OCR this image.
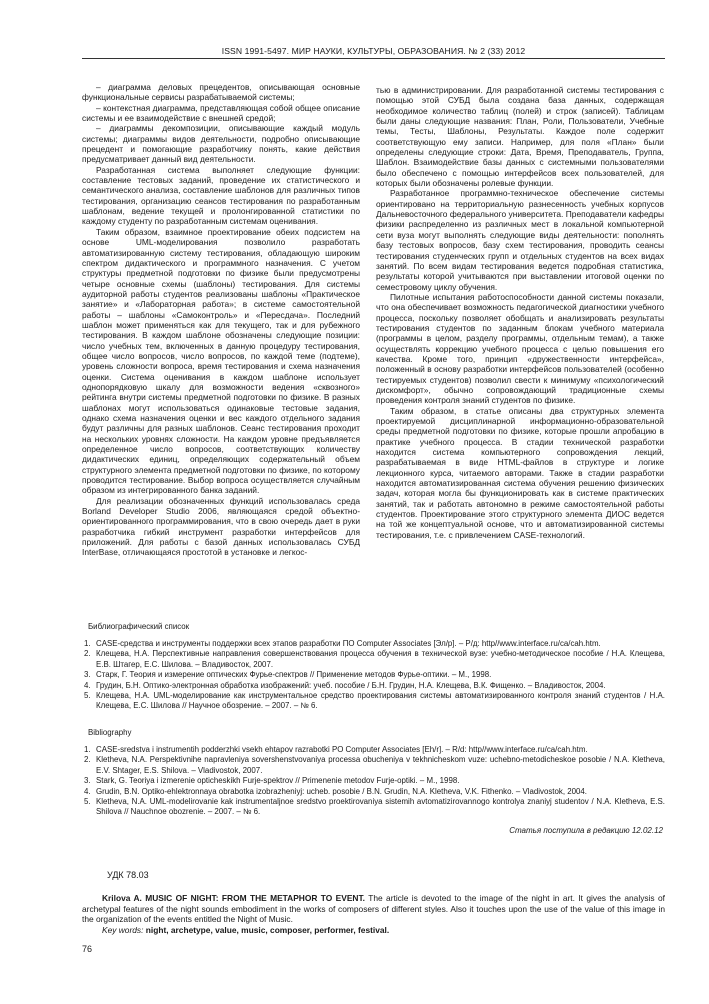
ISSN 1991-5497. МИР НАУКИ, КУЛЬТУРЫ, ОБРАЗОВАНИЯ. № 2 (33) 2012

– диаграмма деловых прецедентов, описывающая основные функциональные сервисы разрабатываемой системы;

– контекстная диаграмма, представляющая собой общее описание системы и ее взаимодействие с внешней средой;

– диаграммы декомпозиции, описывающие каждый модуль системы; диаграммы видов деятельности, подробно описывающие прецедент и помогающие разработчику понять, какие действия предусматривает данный вид деятельности.

Разработанная система выполняет следующие функции: составление тестовых заданий, проведение их статистического и семантического анализа, составление шаблонов для различных типов тестирования, организацию сеансов тестирования по разработанным шаблонам, ведение текущей и пролонгированной статистики по каждому студенту по разработанным системам оценивания.

Таким образом, взаимное проектирование обеих подсистем на основе UML-моделирования позволило разработать автоматизированную систему тестирования, обладающую широким спектром дидактического и программного назначения. С учетом структуры предметной подготовки по физике были предусмотрены четыре основные схемы (шаблоны) тестирования. Для системы аудиторной работы студентов реализованы шаблоны «Практическое занятие» и «Лабораторная работа»; в системе самостоятельной работы – шаблоны «Самоконтроль» и «Пересдача». Последний шаблон может применяться как для текущего, так и для рубежного тестирования. В каждом шаблоне обозначены следующие позиции: число учебных тем, включенных в данную процедуру тестирования, общее число вопросов, число вопросов, по каждой теме (подтеме), уровень сложности вопроса, время тестирования и схема назначения оценки. Система оценивания в каждом шаблоне использует однопорядковую шкалу для возможности ведения «сквозного» рейтинга внутри системы предметной подготовки по физике. В разных шаблонах могут использоваться одинаковые тестовые задания, однако схема назначения оценки и вес каждого отдельного задания будут различны для разных шаблонов. Сеанс тестирования проходит на нескольких уровнях сложности. На каждом уровне предъявляется определенное число вопросов, соответствующих количеству дидактических единиц, определяющих содержательный объем структурного элемента предметной подготовки по физике, по которому проводится тестирование. Выбор вопроса осуществляется случайным образом из интегрированного банка заданий.

Для реализации обозначенных функций использовалась среда Borland Developer Studio 2006, являющаяся средой объектно-ориентированного программирования, что в свою очередь дает в руки разработчика гибкий инструмент разработки интерфейсов для приложений. Для работы с базой данных использовалась СУБД InterBase, отличающаяся простотой в установке и легкос-

тью в администрировании. Для разработанной системы тестирования с помощью этой СУБД была создана база данных, содержащая необходимое количество таблиц (полей) и строк (записей). Таблицам были даны следующие названия: План, Роли, Пользователи, Учебные темы, Тесты, Шаблоны, Результаты. Каждое поле содержит соответствующую ему записи. Например, для поля «План» были определены следующие строки: Дата, Время, Преподаватель, Группа, Шаблон. Взаимодействие базы данных с системными пользователями было обеспечено с помощью интерфейсов всех пользователей, для которых были обозначены ролевые функции.

Разработанное программно-техническое обеспечение системы ориентировано на территориальную разнесенность учебных корпусов Дальневосточного федерального университета. Преподаватели кафедры физики распределенно из различных мест в локальной компьютерной сети вуза могут выполнять следующие виды деятельности: пополнять базу тестовых вопросов, базу схем тестирования, проводить сеансы тестирования студенческих групп и отдельных студентов на всех видах занятий. По всем видам тестирования ведется подробная статистика, результаты которой учитываются при выставлении итоговой оценки по семестровому циклу обучения.

Пилотные испытания работоспособности данной системы показали, что она обеспечивает возможность педагогической диагностики учебного процесса, поскольку позволяет обобщать и анализировать результаты тестирования студентов по заданным блокам учебного материала (программы в целом, разделу программы, отдельным темам), а также осуществлять коррекцию учебного процесса с целью повышения его качества. Кроме того, принцип «дружественности интерфейса», положенный в основу разработки интерфейсов пользователей (особенно тестируемых студентов) позволил свести к минимуму «психологический дискомфорт», обычно сопровождающий традиционные схемы проведения контроля знаний студентов по физике.

Таким образом, в статье описаны два структурных элемента проектируемой дисциплинарной информационно-образовательной среды предметной подготовки по физике, которые прошли апробацию в практике учебного процесса. В стадии технической разработки находится система компьютерного сопровождения лекций, разрабатываемая в виде HTML-файлов в структуре и логике лекционного курса, читаемого авторами. Также в стадии разработки находится автоматизированная система обучения решению физических задач, которая могла бы функционировать как в системе практических занятий, так и работать автономно в режиме самостоятельной работы студентов. Проектирование этого структурного элемента ДИОС ведется на той же концептуальной основе, что и автоматизированной системы тестирования, т.е. с привлечением CASE-технологий.

Библиографический список
1. CASE-средства и инструменты поддержки всех этапов разработки ПО Computer Associates [Эл/р]. – Р/д: http//www.interface.ru/ca/cah.htm.
2. Клещева, Н.А. Перспективные направления совершенствования процесса обучения в технической вузе: учебно-методическое пособие / Н.А. Клещева, Е.В. Штагер, Е.С. Шилова. – Владивосток, 2007.
3. Старк, Г. Теория и измерение оптических Фурье-спектров // Применение методов Фурье-оптики. – М., 1998.
4. Грудин, Б.Н. Оптико-электронная обработка изображений: учеб. пособие / Б.Н. Грудин, Н.А. Клещева, В.К. Фищенко. – Владивосток, 2004.
5. Клещева, Н.А. UML-моделирование как инструментальное средство проектирования системы автоматизированного контроля знаний студентов / Н.А. Клещева, Е.С. Шилова // Научное обозрение. – 2007. – № 6.
Bibliography
1. CASE-sredstva i instrumentih podderzhki vsekh ehtapov razrabotki PO Computer Associates [Eh/r]. – R/d: http//www.interface.ru/ca/cah.htm.
2. Kletheva, N.A. Perspektivnihe napravleniya sovershenstvovaniya processa obucheniya v tekhnicheskom vuze: uchebno-metodicheskoe posobie / N.A. Kletheva, E.V. Shtager, E.S. Shilova. – Vladivostok, 2007.
3. Stark, G. Teoriya i izmerenie opticheskikh Furje-spektrov // Primenenie metodov Furje-optiki. – M., 1998.
4. Grudin, B.N. Optiko-ehlektronnaya obrabotka izobrazheniyj: ucheb. posobie / B.N. Grudin, N.A. Kletheva, V.K. Fithenko. – Vladivostok, 2004.
5. Kletheva, N.A. UML-modelirovanie kak instrumentaljnoe sredstvo proektirovaniya sistemih avtomatizirovannogo kontrolya znaniyj studentov / N.A. Kletheva, E.S. Shilova // Nauchnoe obozrenie. – 2007. – № 6.
Статья поступила в редакцию 12.02.12
УДК 78.03

Krilova A. MUSIC OF NIGHT: FROM THE METAPHOR TO EVENT. The article is devoted to the image of the night in art. It gives the analysis of archetypal features of the night sounds embodiment in the works of composers of different styles. Also it touches upon the use of the value of this image in the organization of the events entitled the Night of Music.

Key words: night, archetype, value, music, composer, performer, festival.

76
